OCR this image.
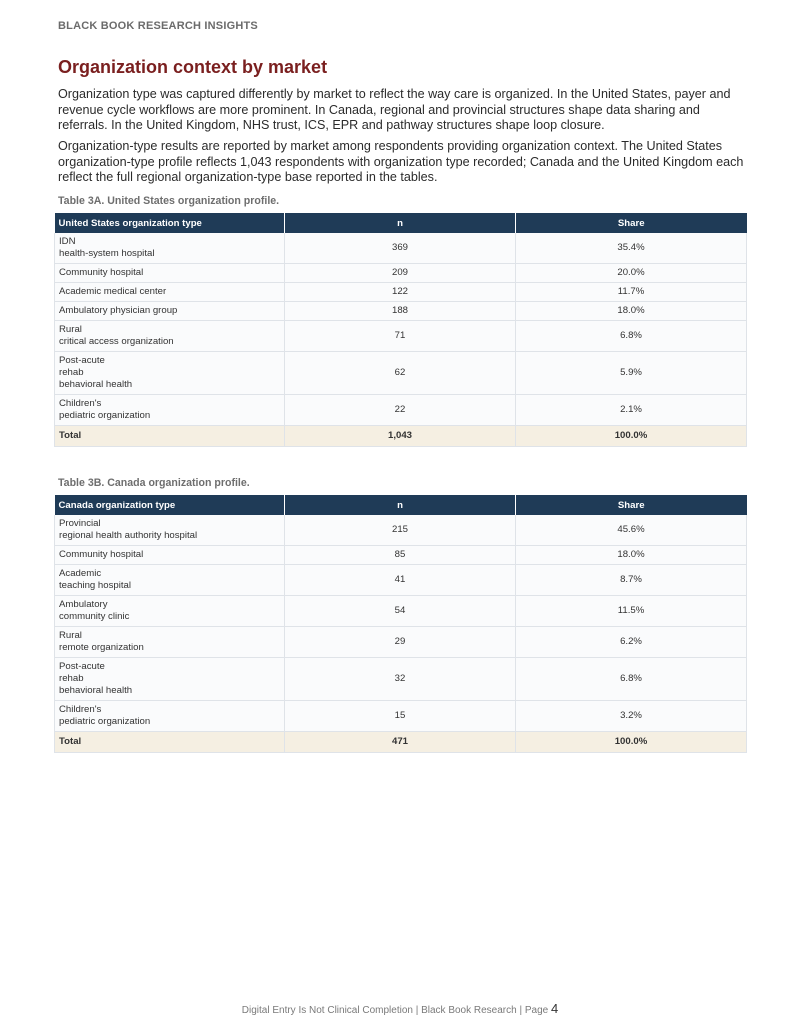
BLACK BOOK RESEARCH INSIGHTS
Organization context by market

Organization type was captured differently by market to reflect the way care is organized. In the United States, payer and revenue cycle workflows are more prominent. In Canada, regional and provincial structures shape data sharing and referrals. In the United Kingdom, NHS trust, ICS, EPR and pathway structures shape loop closure.

Organization-type results are reported by market among respondents providing organization context. The United States organization-type profile reflects 1,043 respondents with organization type recorded; Canada and the United Kingdom each reflect the full regional organization-type base reported in the tables.

Table 3A. United States organization profile.
United States organization type	n	Share

IDN
health-system hospital	369	35.4%

Community hospital	209	20.0%

Academic medical center	122	11.7%

Ambulatory physician group	188	18.0%

Rural
critical access organization	71	6.8%

Post-acute
rehab
behavioral health	62	5.9%

Children's
pediatric organization	22	2.1%
Total	1,043	100.0%
Table 3B. Canada organization profile.
Canada organization type	n	Share

Provincial
regional health authority hospital	215	45.6%

Community hospital	85	18.0%

Academic
teaching hospital	41	8.7%

Ambulatory
community clinic	54	11.5%

Rural
remote organization	29	6.2%

Post-acute
rehab
behavioral health	32	6.8%

Children's
pediatric organization	15	3.2%
Total	471	100.0%
Digital Entry Is Not Clinical Completion | Black Book Research | Page 4
